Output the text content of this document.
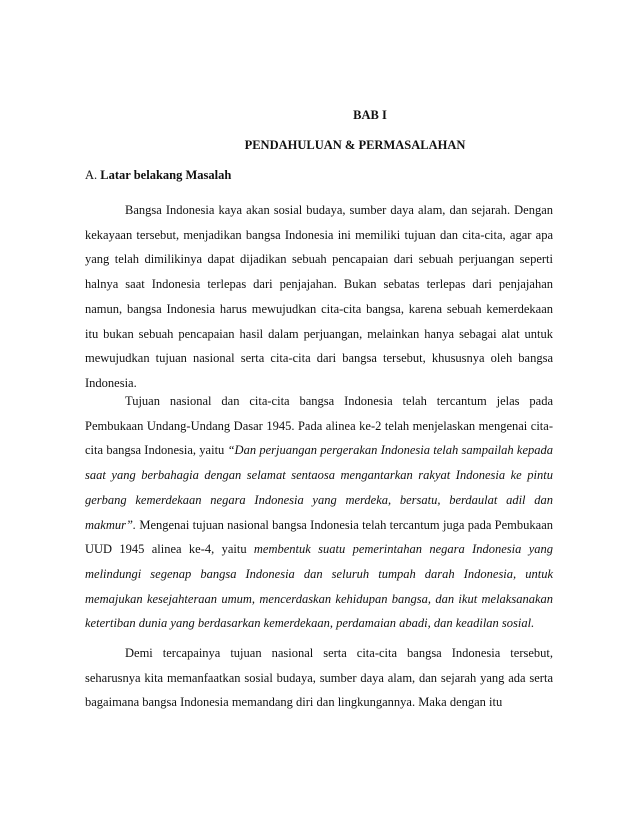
BAB I
PENDAHULUAN & PERMASALAHAN
A. Latar belakang Masalah

Bangsa Indonesia kaya akan sosial budaya, sumber daya alam, dan sejarah. Dengan kekayaan tersebut, menjadikan bangsa Indonesia ini memiliki tujuan dan cita-cita, agar apa yang telah dimilikinya dapat dijadikan sebuah pencapaian dari sebuah perjuangan seperti halnya saat Indonesia terlepas dari penjajahan. Bukan sebatas terlepas dari penjajahan namun, bangsa Indonesia harus mewujudkan cita-cita bangsa, karena sebuah kemerdekaan itu bukan sebuah pencapaian hasil dalam perjuangan, melainkan hanya sebagai alat untuk mewujudkan tujuan nasional serta cita-cita dari bangsa tersebut, khususnya oleh bangsa Indonesia.

Tujuan nasional dan cita-cita bangsa Indonesia telah tercantum jelas pada Pembukaan Undang-Undang Dasar 1945. Pada alinea ke-2 telah menjelaskan mengenai cita-cita bangsa Indonesia, yaitu “Dan perjuangan pergerakan Indonesia telah sampailah kepada saat yang berbahagia dengan selamat sentaosa mengantarkan rakyat Indonesia ke pintu gerbang kemerdekaan negara Indonesia yang merdeka, bersatu, berdaulat adil dan makmur”. Mengenai tujuan nasional bangsa Indonesia telah tercantum juga pada Pembukaan UUD 1945 alinea ke-4, yaitu membentuk suatu pemerintahan negara Indonesia yang melindungi segenap bangsa Indonesia dan seluruh tumpah darah Indonesia, untuk memajukan kesejahteraan umum, mencerdaskan kehidupan bangsa, dan ikut melaksanakan ketertiban dunia yang berdasarkan kemerdekaan, perdamaian abadi, dan keadilan sosial.

Demi tercapainya tujuan nasional serta cita-cita bangsa Indonesia tersebut, seharusnya kita memanfaatkan sosial budaya, sumber daya alam, dan sejarah yang ada serta bagaimana bangsa Indonesia memandang diri dan lingkungannya. Maka dengan itu
